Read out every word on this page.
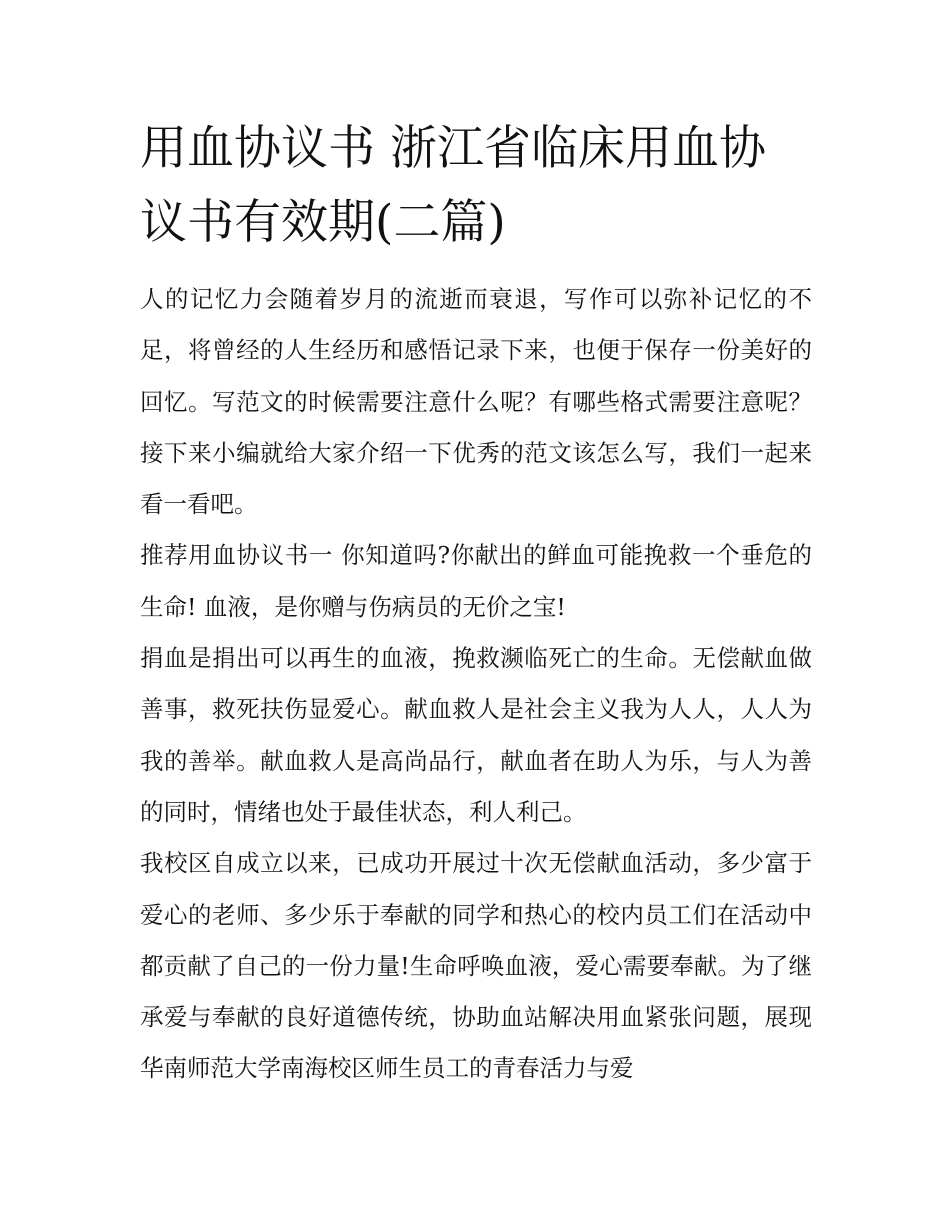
用血协议书 浙江省临床用血协议书有效期(二篇)

人的记忆力会随着岁月的流逝而衰退，写作可以弥补记忆的不足，将曾经的人生经历和感悟记录下来，也便于保存一份美好的回忆。写范文的时候需要注意什么呢？有哪些格式需要注意呢？接下来小编就给大家介绍一下优秀的范文该怎么写，我们一起来看一看吧。

推荐用血协议书一 你知道吗?你献出的鲜血可能挽救一个垂危的生命! 血液，是你赠与伤病员的无价之宝!

捐血是捐出可以再生的血液，挽救濒临死亡的生命。无偿献血做善事，救死扶伤显爱心。献血救人是社会主义我为人人，人人为我的善举。献血救人是高尚品行，献血者在助人为乐，与人为善的同时，情绪也处于最佳状态，利人利己。

我校区自成立以来，已成功开展过十次无偿献血活动，多少富于爱心的老师、多少乐于奉献的同学和热心的校内员工们在活动中都贡献了自己的一份力量!生命呼唤血液，爱心需要奉献。为了继承爱与奉献的良好道德传统，协助血站解决用血紧张问题，展现华南师范大学南海校区师生员工的青春活力与爱
